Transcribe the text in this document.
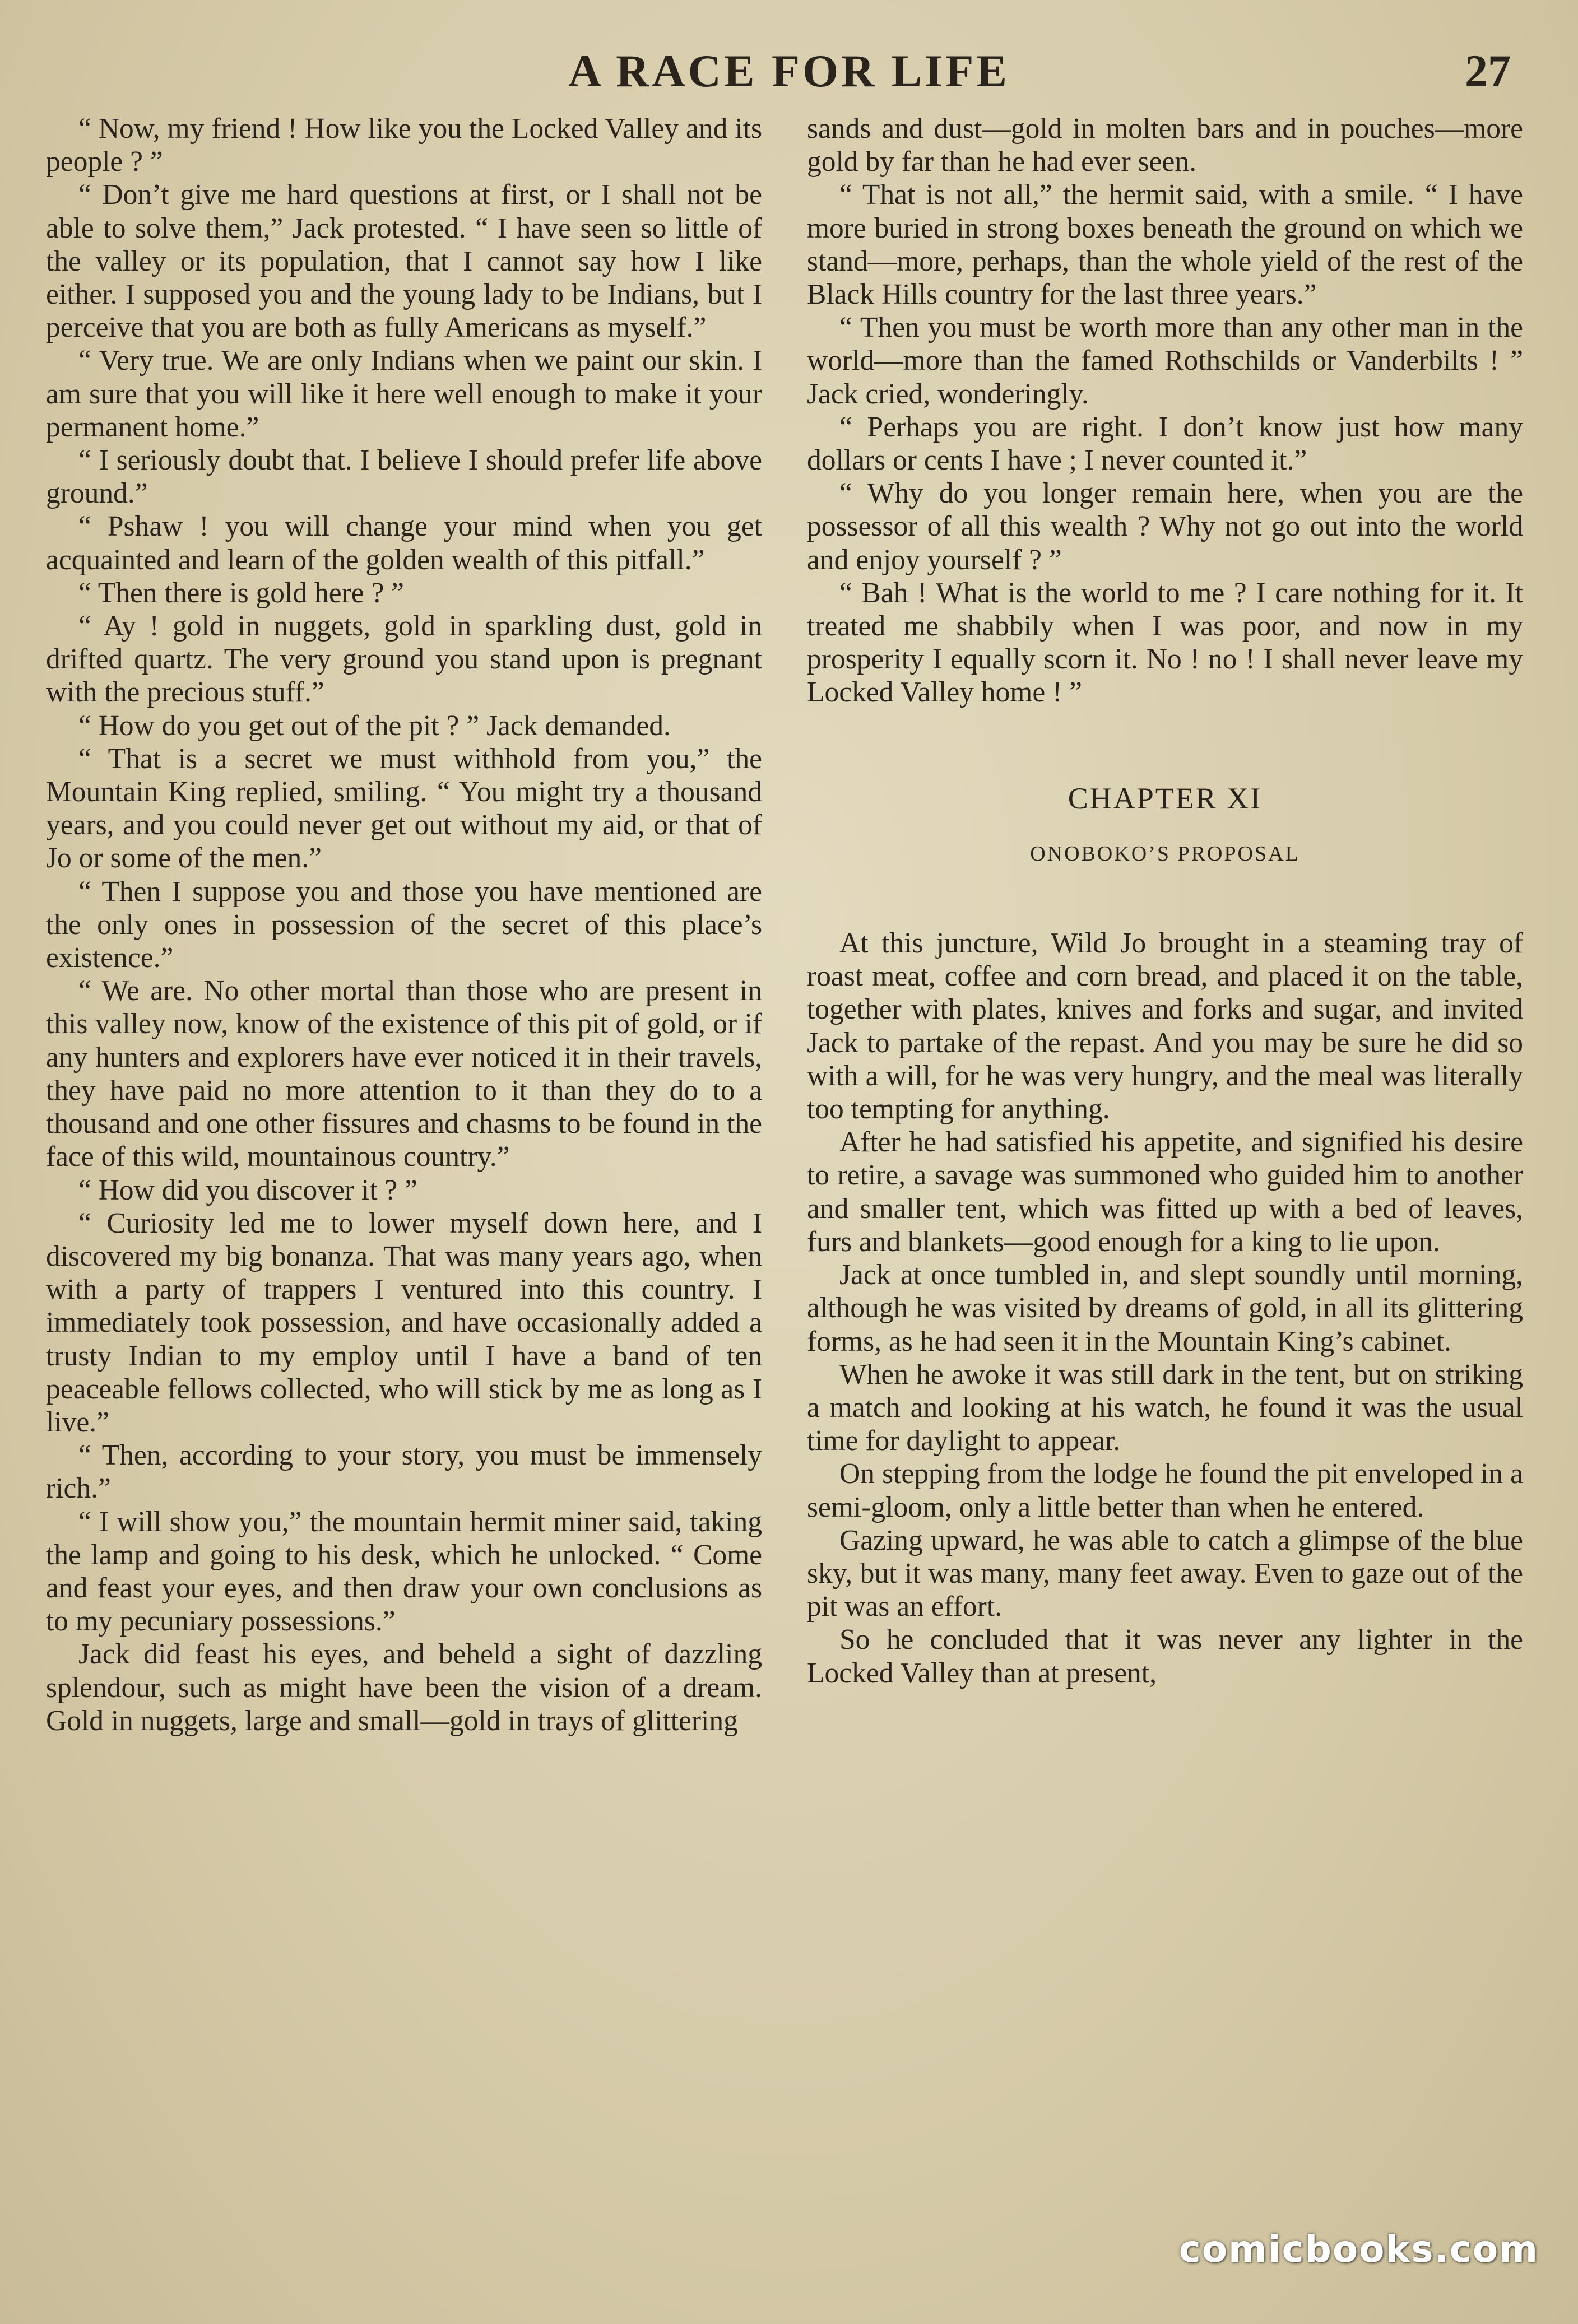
A RACE FOR LIFE	27

“ Now, my friend ! How like you the Locked Valley and its people ? ”

“ Don’t give me hard questions at first, or I shall not be able to solve them,” Jack protested. “ I have seen so little of the valley or its population, that I cannot say how I like either. I supposed you and the young lady to be Indians, but I perceive that you are both as fully Americans as myself.”

“ Very true. We are only Indians when we paint our skin. I am sure that you will like it here well enough to make it your permanent home.”

“ I seriously doubt that. I believe I should prefer life above ground.”

“ Pshaw ! you will change your mind when you get acquainted and learn of the golden wealth of this pitfall.”

“ Then there is gold here ? ”

“ Ay ! gold in nuggets, gold in sparkling dust, gold in drifted quartz. The very ground you stand upon is pregnant with the precious stuff.”

“ How do you get out of the pit ? ” Jack demanded.

“ That is a secret we must withhold from you,” the Mountain King replied, smiling. “ You might try a thousand years, and you could never get out without my aid, or that of Jo or some of the men.”

“ Then I suppose you and those you have mentioned are the only ones in possession of the secret of this place’s existence.”

“ We are. No other mortal than those who are present in this valley now, know of the existence of this pit of gold, or if any hunters and explorers have ever noticed it in their travels, they have paid no more attention to it than they do to a thousand and one other fissures and chasms to be found in the face of this wild, mountainous country.”

“ How did you discover it ? ”

“ Curiosity led me to lower myself down here, and I discovered my big bonanza. That was many years ago, when with a party of trappers I ventured into this country. I immediately took possession, and have occasionally added a trusty Indian to my employ until I have a band of ten peaceable fellows collected, who will stick by me as long as I live.”

“ Then, according to your story, you must be immensely rich.”

“ I will show you,” the mountain hermit miner said, taking the lamp and going to his desk, which he unlocked. “ Come and feast your eyes, and then draw your own conclusions as to my pecuniary possessions.”

Jack did feast his eyes, and beheld a sight of dazzling splendour, such as might have been the vision of a dream. Gold in nuggets, large and small—gold in trays of glittering

sands and dust—gold in molten bars and in pouches—more gold by far than he had ever seen.

“ That is not all,” the hermit said, with a smile. “ I have more buried in strong boxes beneath the ground on which we stand—more, perhaps, than the whole yield of the rest of the Black Hills country for the last three years.”

“ Then you must be worth more than any other man in the world—more than the famed Rothschilds or Vanderbilts ! ” Jack cried, wonderingly.

“ Perhaps you are right. I don’t know just how many dollars or cents I have ; I never counted it.”

“ Why do you longer remain here, when you are the possessor of all this wealth ? Why not go out into the world and enjoy yourself ? ”

“ Bah ! What is the world to me ? I care nothing for it. It treated me shabbily when I was poor, and now in my prosperity I equally scorn it. No ! no ! I shall never leave my Locked Valley home ! ”

CHAPTER XI
ONOBOKO’S PROPOSAL

At this juncture, Wild Jo brought in a steaming tray of roast meat, coffee and corn bread, and placed it on the table, together with plates, knives and forks and sugar, and invited Jack to partake of the repast. And you may be sure he did so with a will, for he was very hungry, and the meal was literally too tempting for anything.

After he had satisfied his appetite, and signified his desire to retire, a savage was summoned who guided him to another and smaller tent, which was fitted up with a bed of leaves, furs and blankets—good enough for a king to lie upon.

Jack at once tumbled in, and slept soundly until morning, although he was visited by dreams of gold, in all its glittering forms, as he had seen it in the Mountain King’s cabinet.

When he awoke it was still dark in the tent, but on striking a match and looking at his watch, he found it was the usual time for daylight to appear.

On stepping from the lodge he found the pit enveloped in a semi-gloom, only a little better than when he entered.

Gazing upward, he was able to catch a glimpse of the blue sky, but it was many, many feet away. Even to gaze out of the pit was an effort.

So he concluded that it was never any lighter in the Locked Valley than at present,

comicbooks.com
